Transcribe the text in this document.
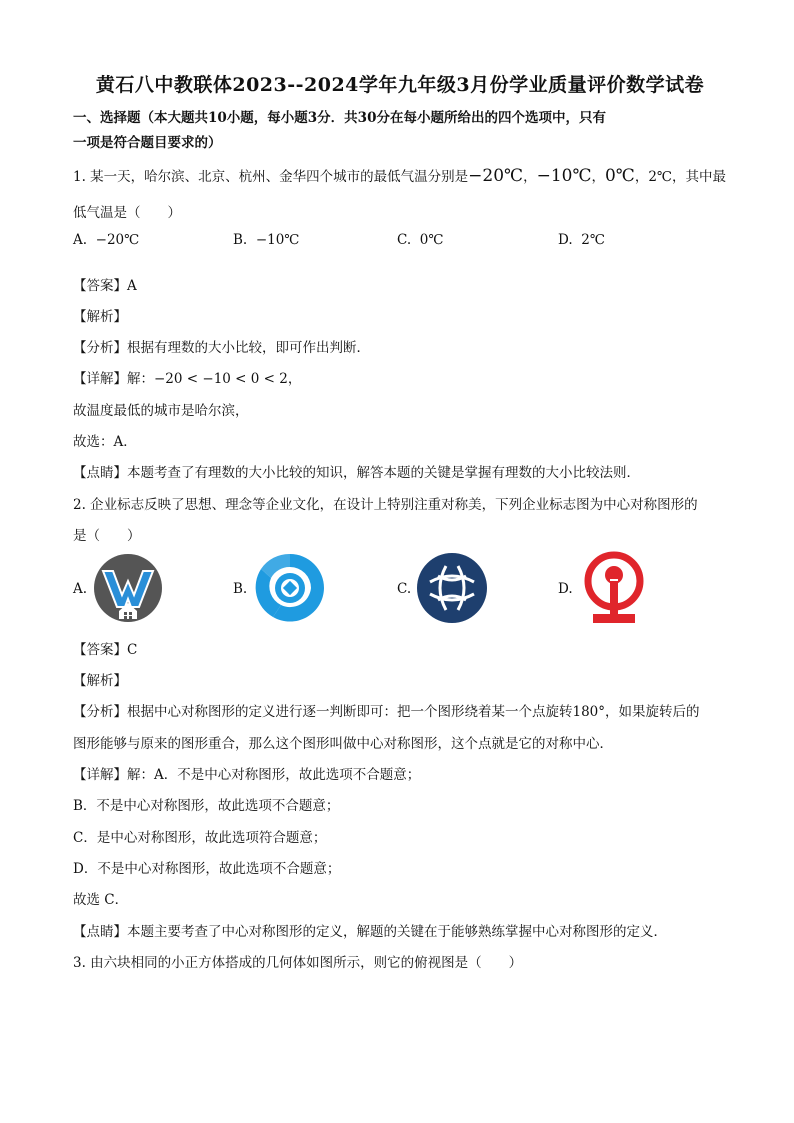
黄石八中教联体2023--2024学年九年级3月份学业质量评价数学试卷
一、选择题（本大题共10小题，每小题3分．共30分在每小题所给出的四个选项中，只有
一项是符合题目要求的）
1. 某一天，哈尔滨、北京、杭州、金华四个城市的最低气温分别是−20℃，−10℃，0℃，2℃，其中最
低气温是（　　）
A. −20℃	B. −10℃	C. 0℃	D. 2℃
【答案】A
【解析】
【分析】根据有理数的大小比较，即可作出判断．
【详解】解：−20 < −10 < 0 < 2，
故温度最低的城市是哈尔滨，
故选：A．
【点睛】本题考查了有理数的大小比较的知识，解答本题的关键是掌握有理数的大小比较法则．
2. 企业标志反映了思想、理念等企业文化，在设计上特别注重对称美，下列企业标志图为中心对称图形的
是（　　）
A.	B.	C.	D.
【答案】C
【解析】
【分析】根据中心对称图形的定义进行逐一判断即可：把一个图形绕着某一个点旋转180°，如果旋转后的
图形能够与原来的图形重合，那么这个图形叫做中心对称图形，这个点就是它的对称中心．
【详解】解：A．不是中心对称图形，故此选项不合题意；
B．不是中心对称图形，故此选项不合题意；
C．是中心对称图形，故此选项符合题意；
D．不是中心对称图形，故此选项不合题意；
故选 C．
【点睛】本题主要考查了中心对称图形的定义，解题的关键在于能够熟练掌握中心对称图形的定义．
3. 由六块相同的小正方体搭成的几何体如图所示，则它的俯视图是（　　）
